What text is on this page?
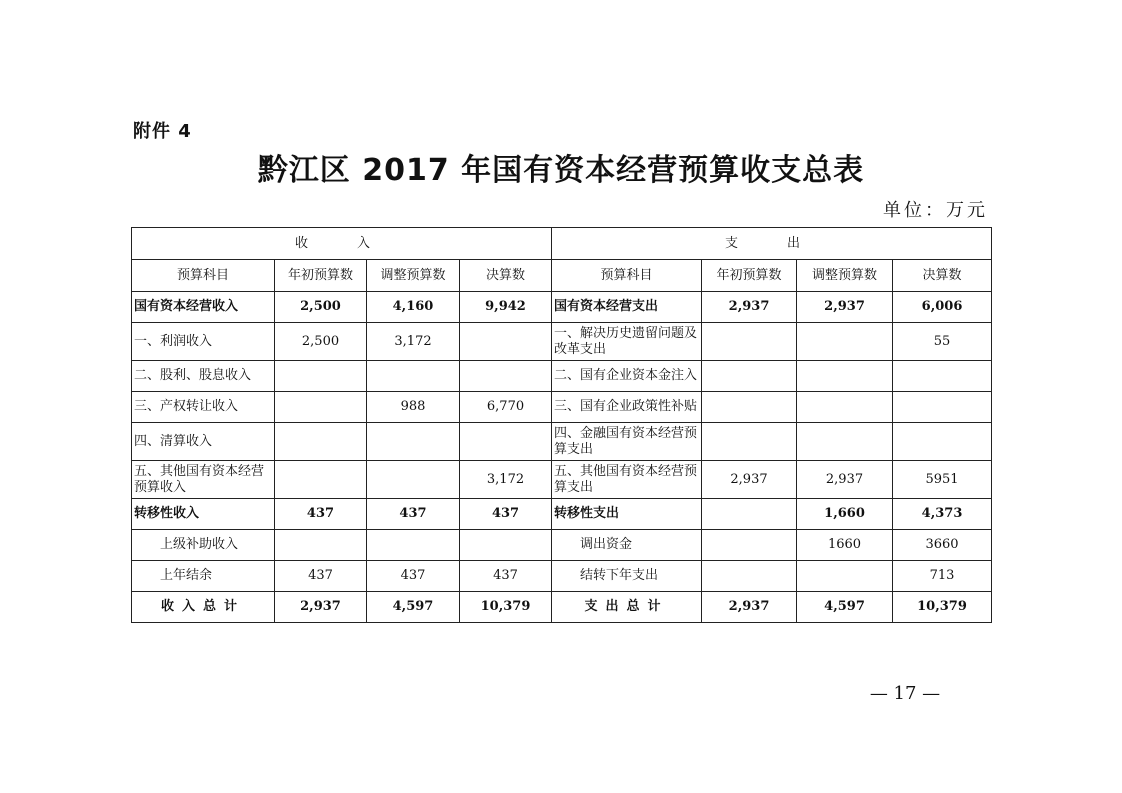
附件 4
黔江区 2017 年国有资本经营预算收支总表
单位：万元
收　入				支　出			
预算科目	年初预算数	调整预算数	决算数	预算科目	年初预算数	调整预算数	决算数
国有资本经营收入	2,500	4,160	9,942	国有资本经营支出	2,937	2,937	6,006
一、利润收入	2,500	3,172		一、解决历史遗留问题及改革支出			55
二、股利、股息收入				二、国有企业资本金注入			
三、产权转让收入		988	6,770	三、国有企业政策性补贴			
四、清算收入				四、金融国有资本经营预算支出			
五、其他国有资本经营预算收入			3,172	五、其他国有资本经营预算支出	2,937	2,937	5951
转移性收入	437	437	437	转移性支出		1,660	4,373
上级补助收入				调出资金		1660	3660
上年结余	437	437	437	结转下年支出			713
收入总计	2,937	4,597	10,379	支出总计	2,937	4,597	10,379
— 17 —
